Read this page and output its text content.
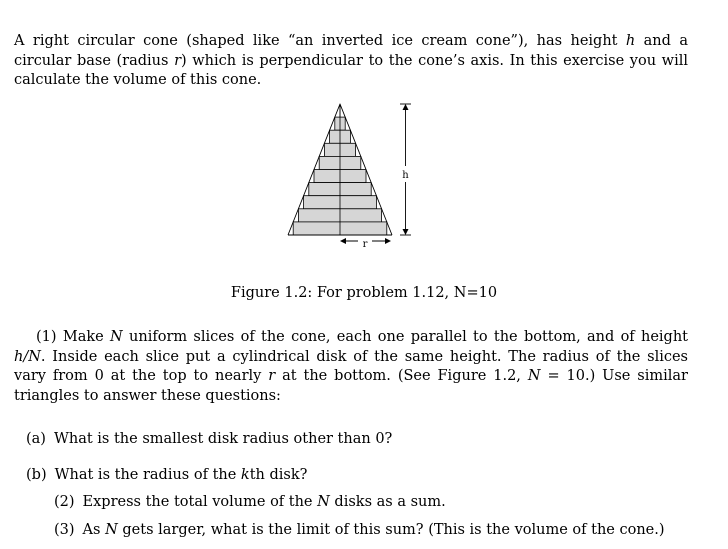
A right circular cone (shaped like “an inverted ice cream cone”), has height h and a circular base (radius r) which is perpendicular to the cone’s axis. In this exercise you will calculate the volume of this cone.

h
r

Figure 1.2: For problem 1.12, N=10

(1) Make N uniform slices of the cone, each one parallel to the bottom, and of height h/N. Inside each slice put a cylindrical disk of the same height. The radius of the slices vary from 0 at the top to nearly r at the bottom. (See Figure 1.2, N = 10.) Use similar triangles to answer these questions:

(a) What is the smallest disk radius other than 0?

(b) What is the radius of the kth disk?

(2) Express the total volume of the N disks as a sum.

(3) As N gets larger, what is the limit of this sum? (This is the volume of the cone.)
